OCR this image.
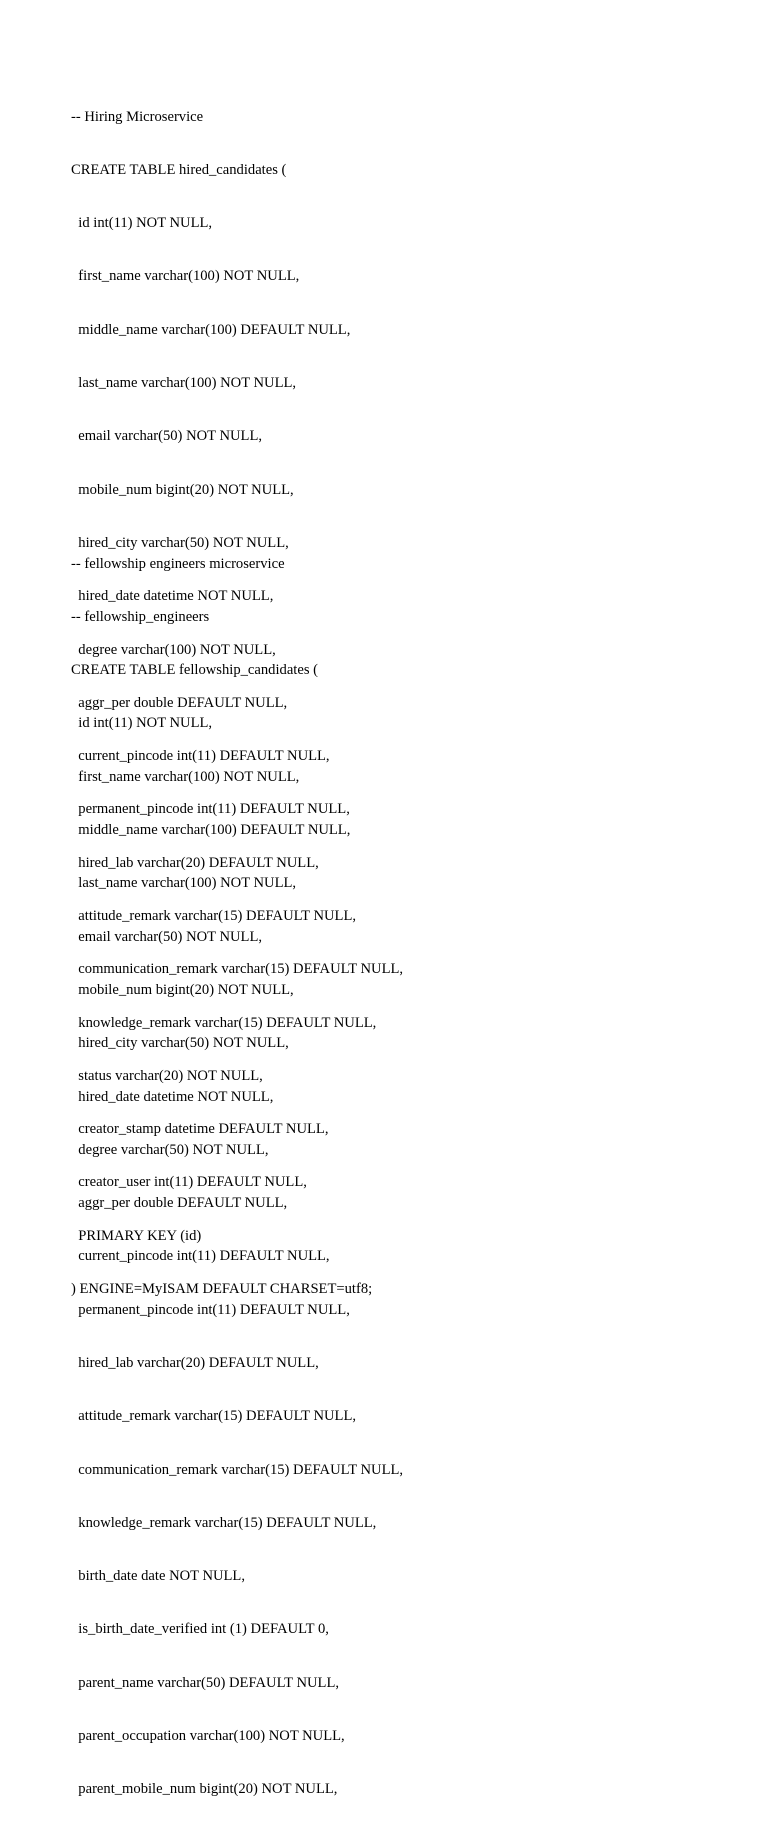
-- Hiring Microservice

CREATE TABLE hired_candidates (

id int(11) NOT NULL,

first_name varchar(100) NOT NULL,

middle_name varchar(100) DEFAULT NULL,

last_name varchar(100) NOT NULL,

email varchar(50) NOT NULL,

mobile_num bigint(20) NOT NULL,

hired_city varchar(50) NOT NULL,

hired_date datetime NOT NULL,

degree varchar(100) NOT NULL,

aggr_per double DEFAULT NULL,

current_pincode int(11) DEFAULT NULL,

permanent_pincode int(11) DEFAULT NULL,

hired_lab varchar(20) DEFAULT NULL,

attitude_remark varchar(15) DEFAULT NULL,

communication_remark varchar(15) DEFAULT NULL,

knowledge_remark varchar(15) DEFAULT NULL,

status varchar(20) NOT NULL,

creator_stamp datetime DEFAULT NULL,

creator_user int(11) DEFAULT NULL,

PRIMARY KEY (id)

) ENGINE=MyISAM DEFAULT CHARSET=utf8;

-- fellowship engineers microservice

-- fellowship_engineers

CREATE TABLE fellowship_candidates (

id int(11) NOT NULL,

first_name varchar(100) NOT NULL,

middle_name varchar(100) DEFAULT NULL,

last_name varchar(100) NOT NULL,

email varchar(50) NOT NULL,

mobile_num bigint(20) NOT NULL,

hired_city varchar(50) NOT NULL,

hired_date datetime NOT NULL,

degree varchar(50) NOT NULL,

aggr_per double DEFAULT NULL,

current_pincode int(11) DEFAULT NULL,

permanent_pincode int(11) DEFAULT NULL,

hired_lab varchar(20) DEFAULT NULL,

attitude_remark varchar(15) DEFAULT NULL,

communication_remark varchar(15) DEFAULT NULL,

knowledge_remark varchar(15) DEFAULT NULL,

birth_date date NOT NULL,

is_birth_date_verified int (1) DEFAULT 0,

parent_name varchar(50) DEFAULT NULL,

parent_occupation varchar(100) NOT NULL,

parent_mobile_num bigint(20) NOT NULL,
